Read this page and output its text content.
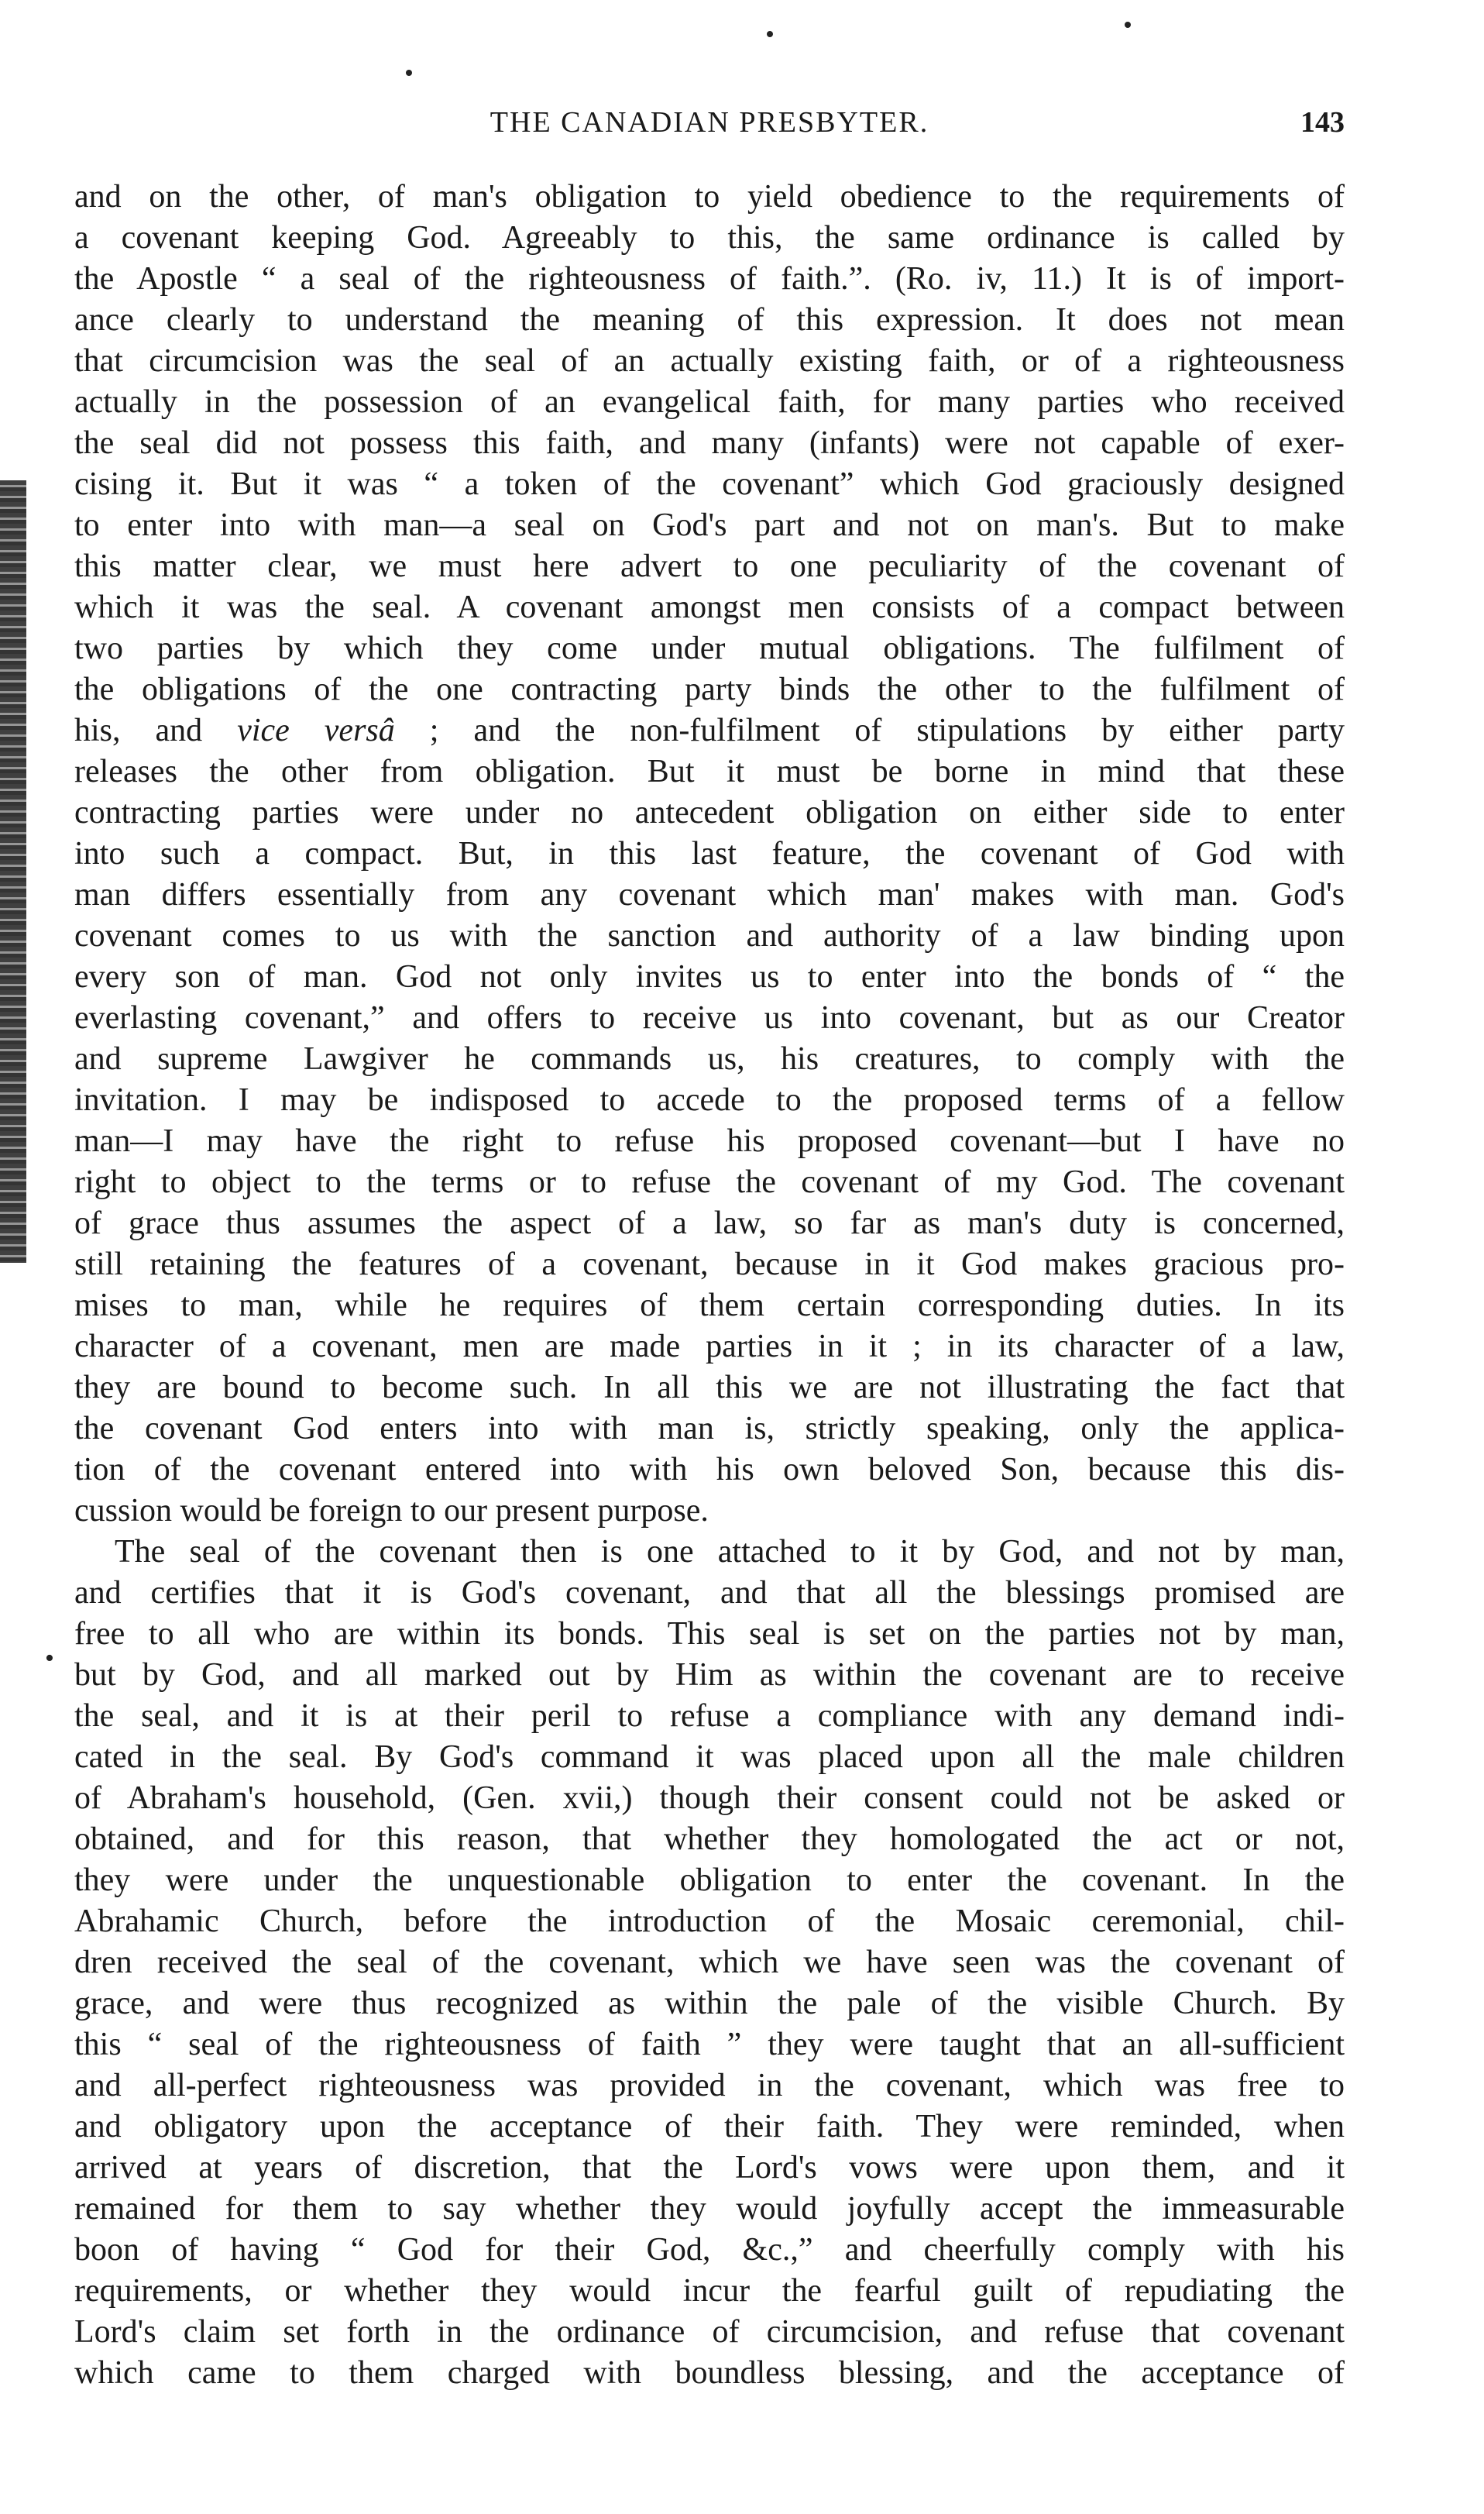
THE CANADIAN PRESBYTER.	143
•
and on the other, of man's obligation to yield obedience to the requirements of
a covenant keeping God. Agreeably to this, the same ordinance is called by
the Apostle “ a seal of the righteousness of faith.”. (Ro. iv, 11.) It is of import-
ance clearly to understand the meaning of this expression. It does not mean
that circumcision was the seal of an actually existing faith, or of a righteousness
actually in the possession of an evangelical faith, for many parties who received
the seal did not possess this faith, and many (infants) were not capable of exer-
cising it. But it was “ a token of the covenant” which God graciously designed
to enter into with man—a seal on God's part and not on man's. But to make
this matter clear, we must here advert to one peculiarity of the covenant of
which it was the seal. A covenant amongst men consists of a compact between
two parties by which they come under mutual obligations. The fulfilment of
the obligations of the one contracting party binds the other to the fulfilment of
his, and vice versâ ; and the non-fulfilment of stipulations by either party
releases the other from obligation. But it must be borne in mind that these
contracting parties were under no antecedent obligation on either side to enter
into such a compact. But, in this last feature, the covenant of God with
man differs essentially from any covenant which man' makes with man. God's
covenant comes to us with the sanction and authority of a law binding upon
every son of man. God not only invites us to enter into the bonds of “ the
everlasting covenant,” and offers to receive us into covenant, but as our Creator
and supreme Lawgiver he commands us, his creatures, to comply with the
invitation. I may be indisposed to accede to the proposed terms of a fellow
man—I may have the right to refuse his proposed covenant—but I have no
right to object to the terms or to refuse the covenant of my God. The covenant
of grace thus assumes the aspect of a law, so far as man's duty is concerned,
still retaining the features of a covenant, because in it God makes gracious pro-
mises to man, while he requires of them certain corresponding duties. In its
character of a covenant, men are made parties in it ; in its character of a law,
they are bound to become such. In all this we are not illustrating the fact that
the covenant God enters into with man is, strictly speaking, only the applica-
tion of the covenant entered into with his own beloved Son, because this dis-
cussion would be foreign to our present purpose.
The seal of the covenant then is one attached to it by God, and not by man,
and certifies that it is God's covenant, and that all the blessings promised are
free to all who are within its bonds. This seal is set on the parties not by man,
but by God, and all marked out by Him as within the covenant are to receive
the seal, and it is at their peril to refuse a compliance with any demand indi-
cated in the seal. By God's command it was placed upon all the male children
of Abraham's household, (Gen. xvii,) though their consent could not be asked or
obtained, and for this reason, that whether they homologated the act or not,
they were under the unquestionable obligation to enter the covenant. In the
Abrahamic Church, before the introduction of the Mosaic ceremonial, chil-
dren received the seal of the covenant, which we have seen was the covenant of
grace, and were thus recognized as within the pale of the visible Church. By
this “ seal of the righteousness of faith ” they were taught that an all-sufficient
and all-perfect righteousness was provided in the covenant, which was free to
and obligatory upon the acceptance of their faith. They were reminded, when
arrived at years of discretion, that the Lord's vows were upon them, and it
remained for them to say whether they would joyfully accept the immeasurable
boon of having “ God for their God, &c.,” and cheerfully comply with his
requirements, or whether they would incur the fearful guilt of repudiating the
Lord's claim set forth in the ordinance of circumcision, and refuse that covenant
which came to them charged with boundless blessing, and the acceptance of
